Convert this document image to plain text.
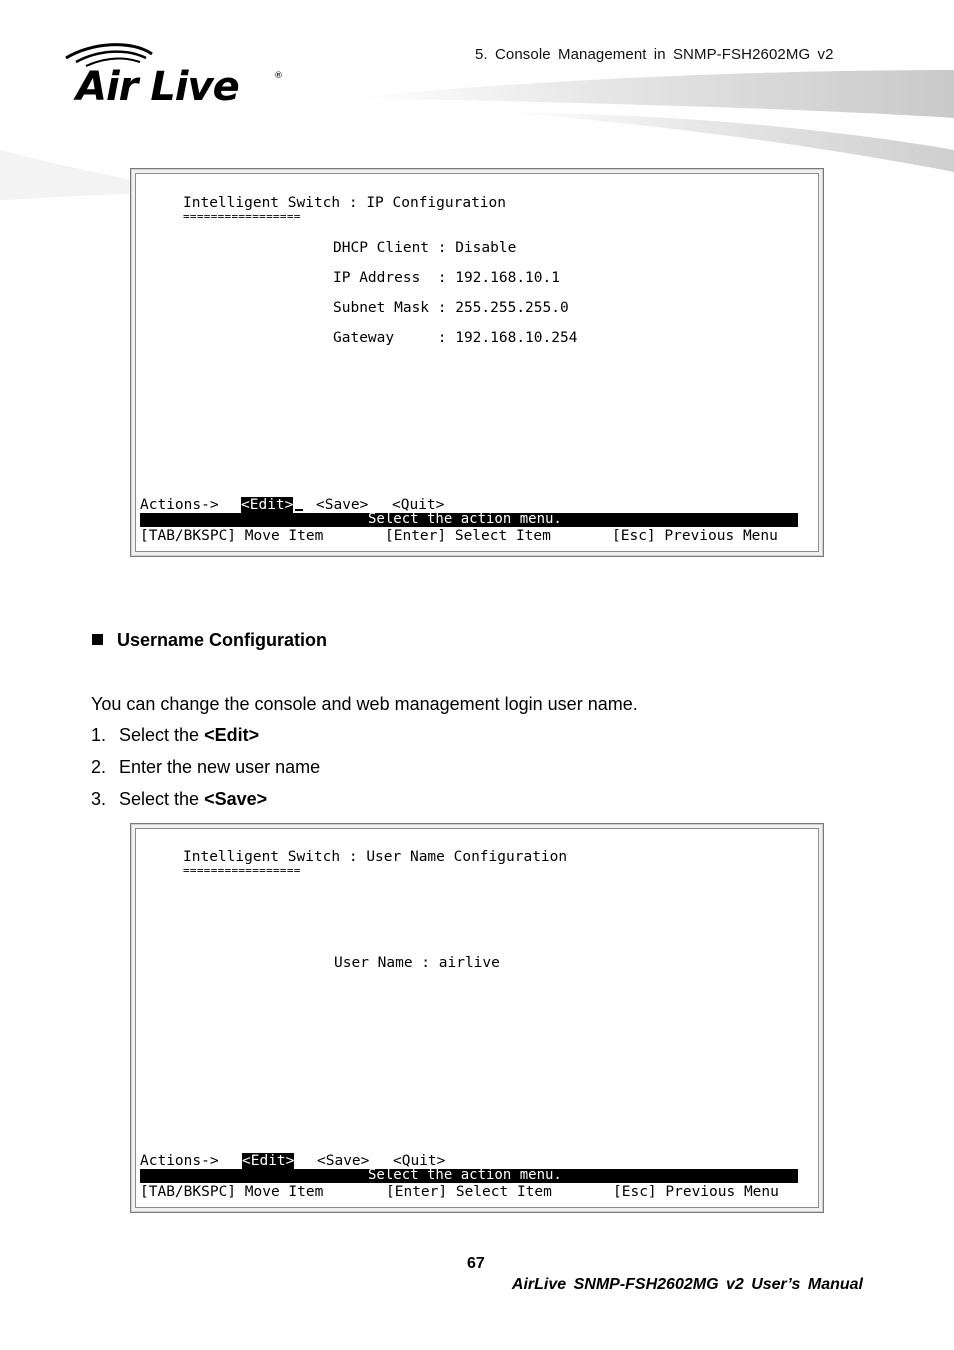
Air Live	®
5. Console Management in SNMP-FSH2602MG v2
Intelligent Switch : IP Configuration
=================
DHCP Client : Disable
IP Address  : 192.168.10.1
Subnet Mask : 255.255.255.0
Gateway     : 192.168.10.254
Actions-> <Edit> <Save> <Quit>
Select the action menu.
[TAB/BKSPC] Move Item	[Enter] Select Item	[Esc] Previous Menu
Username Configuration
You can change the console and web management login user name.
1. Select the <Edit>
2. Enter the new user name
3. Select the <Save>
Intelligent Switch : User Name Configuration
=================
User Name : airlive
Actions-> <Edit> <Save> <Quit>
Select the action menu.
[TAB/BKSPC] Move Item	[Enter] Select Item	[Esc] Previous Menu
67
AirLive SNMP-FSH2602MG v2 User’s Manual
